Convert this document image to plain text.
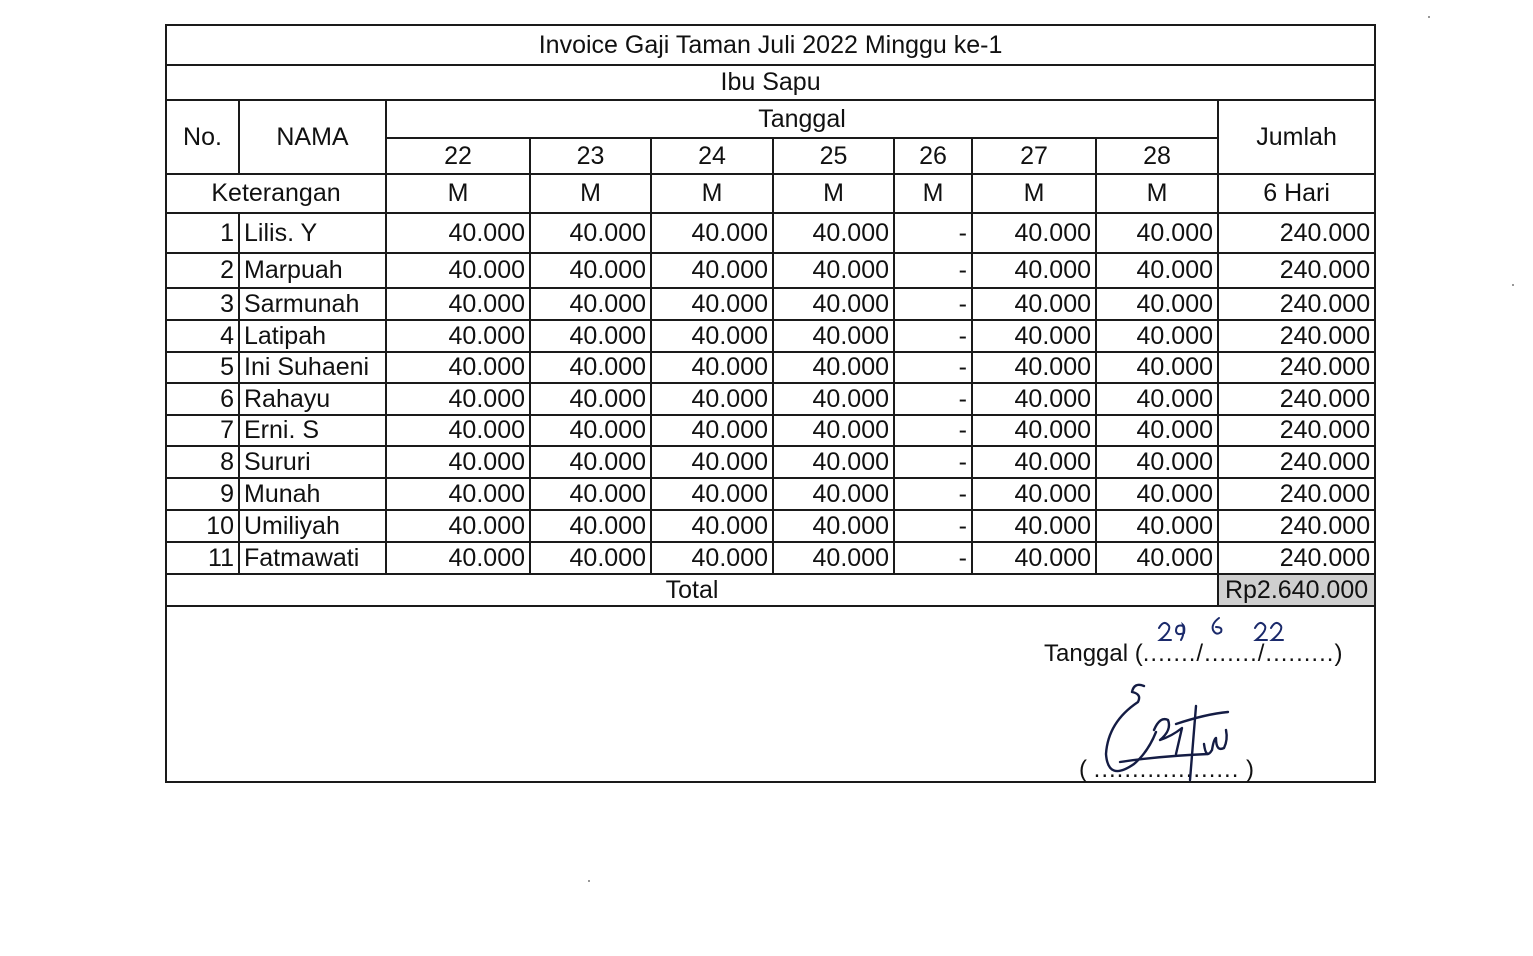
Invoice Gaji Taman Juli 2022 Minggu ke-1									
Ibu Sapu									
No.	NAMA	Tanggal							Jumlah
		22	23	24	25	26	27	28	
Keterangan		M	M	M	M	M	M	M	6 Hari
1	Lilis. Y	40.000	40.000	40.000	40.000	-	40.000	40.000	240.000
2	Marpuah	40.000	40.000	40.000	40.000	-	40.000	40.000	240.000
3	Sarmunah	40.000	40.000	40.000	40.000	-	40.000	40.000	240.000
4	Latipah	40.000	40.000	40.000	40.000	-	40.000	40.000	240.000
5	Ini Suhaeni	40.000	40.000	40.000	40.000	-	40.000	40.000	240.000
6	Rahayu	40.000	40.000	40.000	40.000	-	40.000	40.000	240.000
7	Erni. S	40.000	40.000	40.000	40.000	-	40.000	40.000	240.000
8	Sururi	40.000	40.000	40.000	40.000	-	40.000	40.000	240.000
9	Munah	40.000	40.000	40.000	40.000	-	40.000	40.000	240.000
10	Umiliyah	40.000	40.000	40.000	40.000	-	40.000	40.000	240.000
11	Fatmawati	40.000	40.000	40.000	40.000	-	40.000	40.000	240.000
Total									Rp2.640.000
Tanggal (......./......./.........)
( ................... )
